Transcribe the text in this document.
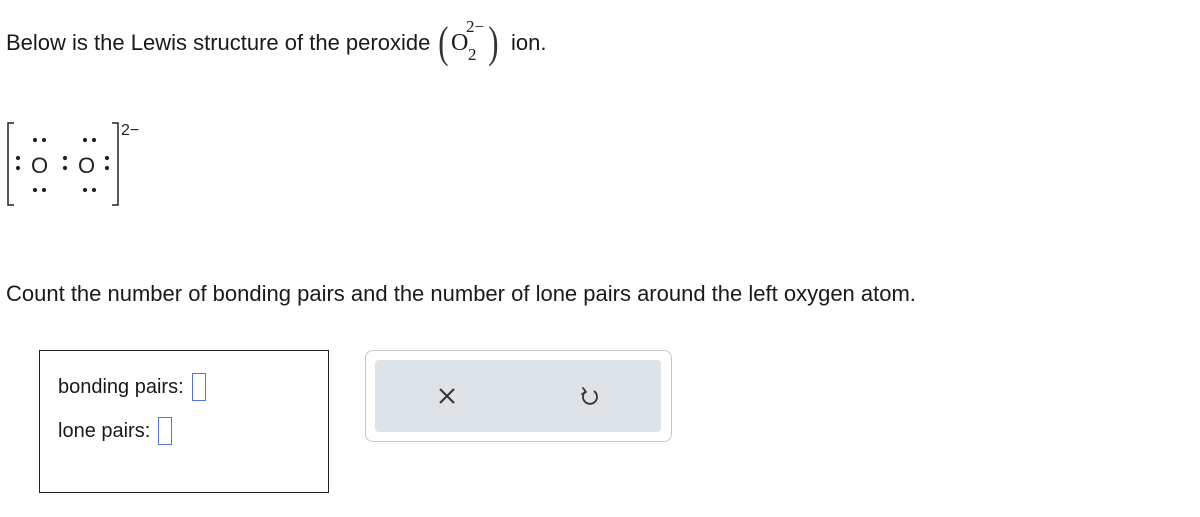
Below is the Lewis structure of the peroxide ( O
2−
2 ) ion.
2−
O O
Count the number of bonding pairs and the number of lone pairs around the left oxygen atom.
bonding pairs:
lone pairs:
